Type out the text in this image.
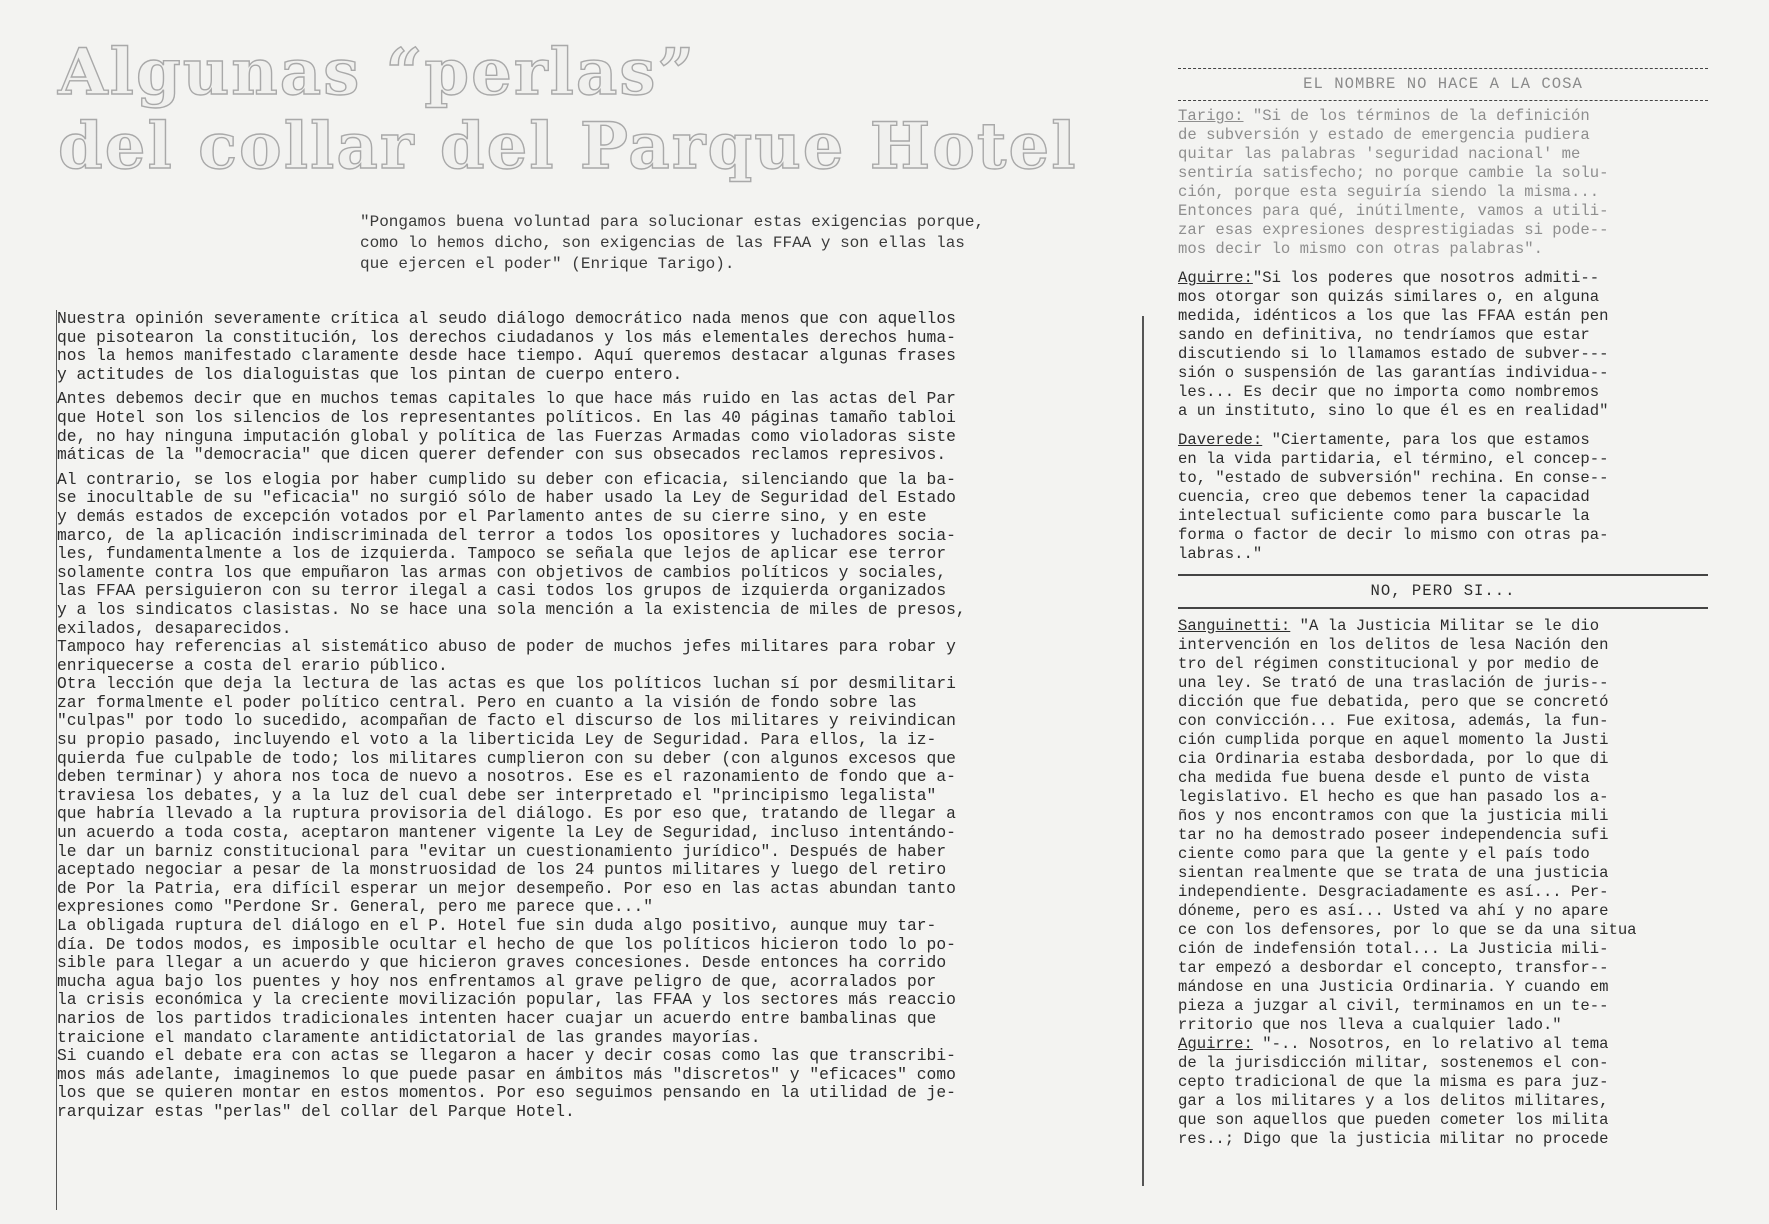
Algunas “perlas”
del collar del Parque Hotel
"Pongamos buena voluntad para solucionar estas exigencias porque,
como lo hemos dicho, son exigencias de las FFAA y son ellas las
que ejercen el poder" (Enrique Tarigo).

Nuestra opinión severamente crítica al seudo diálogo democrático nada menos que con aquellos
que pisotearon la constitución, los derechos ciudadanos y los más elementales derechos huma-
nos la hemos manifestado claramente desde hace tiempo. Aquí queremos destacar algunas frases
y actitudes de los dialoguistas que los pintan de cuerpo entero.

Antes debemos decir que en muchos temas capitales lo que hace más ruido en las actas del Par
que Hotel son los silencios de los representantes políticos. En las 40 páginas tamaño tabloi
de, no hay ninguna imputación global y política de las Fuerzas Armadas como violadoras siste
máticas de la "democracia" que dicen querer defender con sus obsecados reclamos represivos.

Al contrario, se los elogia por haber cumplido su deber con eficacia, silenciando que la ba-
se inocultable de su "eficacia" no surgió sólo de haber usado la Ley de Seguridad del Estado
y demás estados de excepción votados por el Parlamento antes de su cierre sino, y en este
marco, de la aplicación indiscriminada del terror a todos los opositores y luchadores socia-
les, fundamentalmente a los de izquierda. Tampoco se señala que lejos de aplicar ese terror
solamente contra los que empuñaron las armas con objetivos de cambios políticos y sociales,
las FFAA persiguieron con su terror ilegal a casi todos los grupos de izquierda organizados
y a los sindicatos clasistas. No se hace una sola mención a la existencia de miles de presos,
exilados, desaparecidos.
Tampoco hay referencias al sistemático abuso de poder de muchos jefes militares para robar y
enriquecerse a costa del erario público.
Otra lección que deja la lectura de las actas es que los políticos luchan sí por desmilitari
zar formalmente el poder político central. Pero en cuanto a la visión de fondo sobre las
"culpas" por todo lo sucedido, acompañan de facto el discurso de los militares y reivindican
su propio pasado, incluyendo el voto a la liberticida Ley de Seguridad. Para ellos, la iz-
quierda fue culpable de todo; los militares cumplieron con su deber (con algunos excesos que
deben terminar) y ahora nos toca de nuevo a nosotros. Ese es el razonamiento de fondo que a-
traviesa los debates, y a la luz del cual debe ser interpretado el "principismo legalista"
que habría llevado a la ruptura provisoria del diálogo. Es por eso que, tratando de llegar a
un acuerdo a toda costa, aceptaron mantener vigente la Ley de Seguridad, incluso intentándo-
le dar un barniz constitucional para "evitar un cuestionamiento jurídico". Después de haber
aceptado negociar a pesar de la monstruosidad de los 24 puntos militares y luego del retiro
de Por la Patria, era difícil esperar un mejor desempeño. Por eso en las actas abundan tanto
expresiones como "Perdone Sr. General, pero me parece que..."
La obligada ruptura del diálogo en el P. Hotel fue sin duda algo positivo, aunque muy tar-
día. De todos modos, es imposible ocultar el hecho de que los políticos hicieron todo lo po-
sible para llegar a un acuerdo y que hicieron graves concesiones. Desde entonces ha corrido
mucha agua bajo los puentes y hoy nos enfrentamos al grave peligro de que, acorralados por
la crisis económica y la creciente movilización popular, las FFAA y los sectores más reaccio
narios de los partidos tradicionales intenten hacer cuajar un acuerdo entre bambalinas que
traicione el mandato claramente antidictatorial de las grandes mayorías.
Si cuando el debate era con actas se llegaron a hacer y decir cosas como las que transcribi-
mos más adelante, imaginemos lo que puede pasar en ámbitos más "discretos" y "eficaces" como
los que se quieren montar en estos momentos. Por eso seguimos pensando en la utilidad de je-
rarquizar estas "perlas" del collar del Parque Hotel.

EL NOMBRE NO HACE A LA COSA

Tarigo: "Si de los términos de la definición
de subversión y estado de emergencia pudiera
quitar las palabras 'seguridad nacional' me
sentiría satisfecho; no porque cambie la solu-
ción, porque esta seguiría siendo la misma...
Entonces para qué, inútilmente, vamos a utili-
zar esas expresiones desprestigiadas si pode--
mos decir lo mismo con otras palabras".

Aguirre:"Si los poderes que nosotros admiti--
mos otorgar son quizás similares o, en alguna
medida, idénticos a los que las FFAA están pen
sando en definitiva, no tendríamos que estar
discutiendo si lo llamamos estado de subver---
sión o suspensión de las garantías individua--
les... Es decir que no importa como nombremos
a un instituto, sino lo que él es en realidad"

Daverede: "Ciertamente, para los que estamos
en la vida partidaria, el término, el concep--
to, "estado de subversión" rechina. En conse--
cuencia, creo que debemos tener la capacidad
intelectual suficiente como para buscarle la
forma o factor de decir lo mismo con otras pa-
labras.."

NO, PERO SI...

Sanguinetti: "A la Justicia Militar se le dio
intervención en los delitos de lesa Nación den
tro del régimen constitucional y por medio de
una ley. Se trató de una traslación de juris--
dicción que fue debatida, pero que se concretó
con convicción... Fue exitosa, además, la fun-
ción cumplida porque en aquel momento la Justi
cia Ordinaria estaba desbordada, por lo que di
cha medida fue buena desde el punto de vista
legislativo. El hecho es que han pasado los a-
ños y nos encontramos con que la justicia mili
tar no ha demostrado poseer independencia sufi
ciente como para que la gente y el país todo
sientan realmente que se trata de una justicia
independiente. Desgraciadamente es así... Per-
dóneme, pero es así... Usted va ahí y no apare
ce con los defensores, por lo que se da una situa
ción de indefensión total... La Justicia mili-
tar empezó a desbordar el concepto, transfor--
mándose en una Justicia Ordinaria. Y cuando em
pieza a juzgar al civil, terminamos en un te--
rritorio que nos lleva a cualquier lado."

Aguirre: "-.. Nosotros, en lo relativo al tema
de la jurisdicción militar, sostenemos el con-
cepto tradicional de que la misma es para juz-
gar a los militares y a los delitos militares,
que son aquellos que pueden cometer los milita
res..; Digo que la justicia militar no procede
